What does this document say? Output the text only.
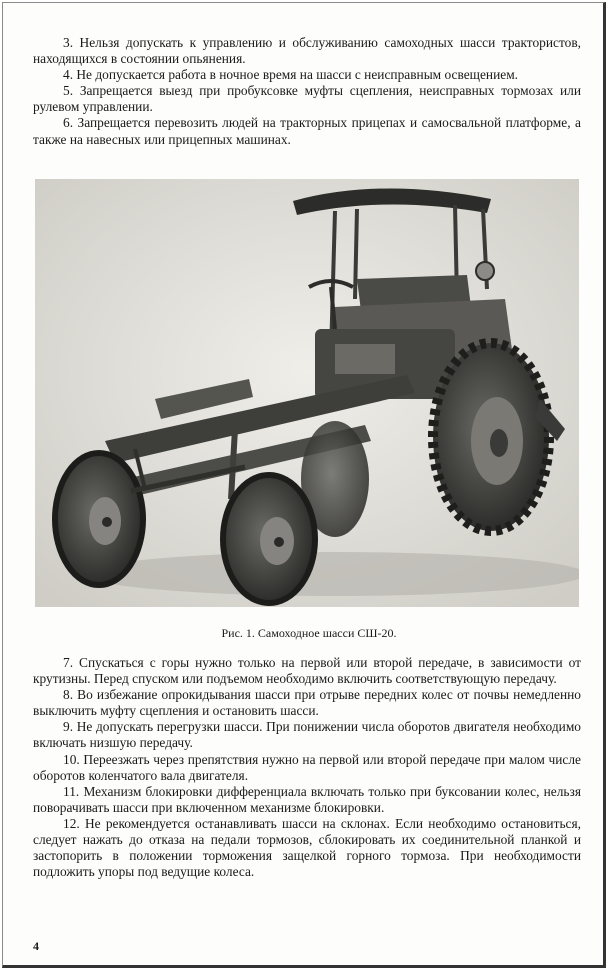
3. Нельзя допускать к управлению и обслуживанию самоходных шасси трактористов, находящихся в состоянии опьянения.

4. Не допускается работа в ночное время на шасси с неисправным освещением.

5. Запрещается выезд при пробуксовке муфты сцепления, неисправных тормозах или рулевом управлении.

6. Запрещается перевозить людей на тракторных прицепах и самосвальной платформе, а также на навесных или прицепных машинах.

Рис. 1. Самоходное шасси СШ-20.

7. Спускаться с горы нужно только на первой или второй передаче, в зависимости от крутизны. Перед спуском или подъемом необходимо включить соответствующую передачу.

8. Во избежание опрокидывания шасси при отрыве передних колес от почвы немедленно выключить муфту сцепления и остановить шасси.

9. Не допускать перегрузки шасси. При понижении числа оборотов двигателя необходимо включать низшую передачу.

10. Переезжать через препятствия нужно на первой или второй передаче при малом числе оборотов коленчатого вала двигателя.

11. Механизм блокировки дифференциала включать только при буксовании колес, нельзя поворачивать шасси при включенном механизме блокировки.

12. Не рекомендуется останавливать шасси на склонах. Если необходимо остановиться, следует нажать до отказа на педали тормозов, сблокировать их соединительной планкой и застопорить в положении торможения защелкой горного тормоза. При необходимости подложить упоры под ведущие колеса.

4
